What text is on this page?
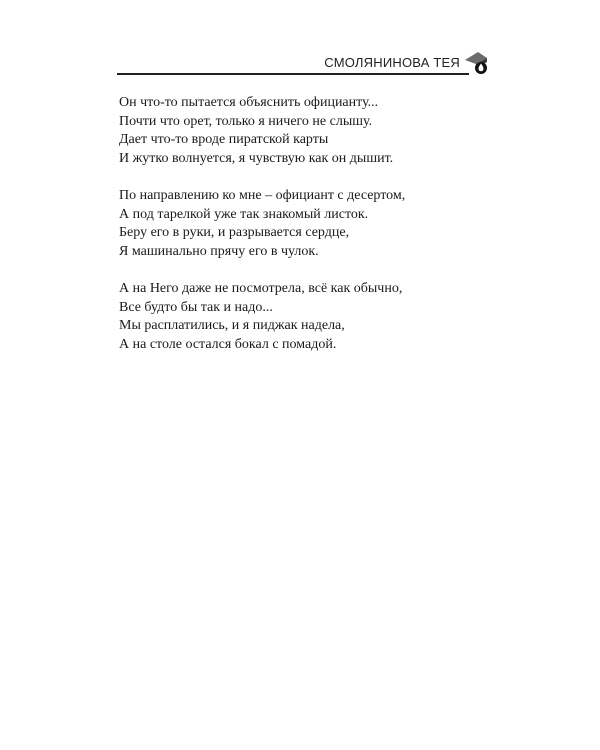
СМОЛЯНИНОВА ТЕЯ
Он что-то пытается объяснить официанту...
Почти что орет, только я ничего не слышу.
Дает что-то вроде пиратской карты
И жутко волнуется, я чувствую как он дышит.
По направлению ко мне – официант с десертом,
А под тарелкой уже так знакомый листок.
Беру его в руки, и разрывается сердце,
Я машинально прячу его в чулок.
А на Него даже не посмотрела, всё как обычно,
Все будто бы так и надо...
Мы расплатились, и я пиджак надела,
А на столе остался бокал с помадой.
